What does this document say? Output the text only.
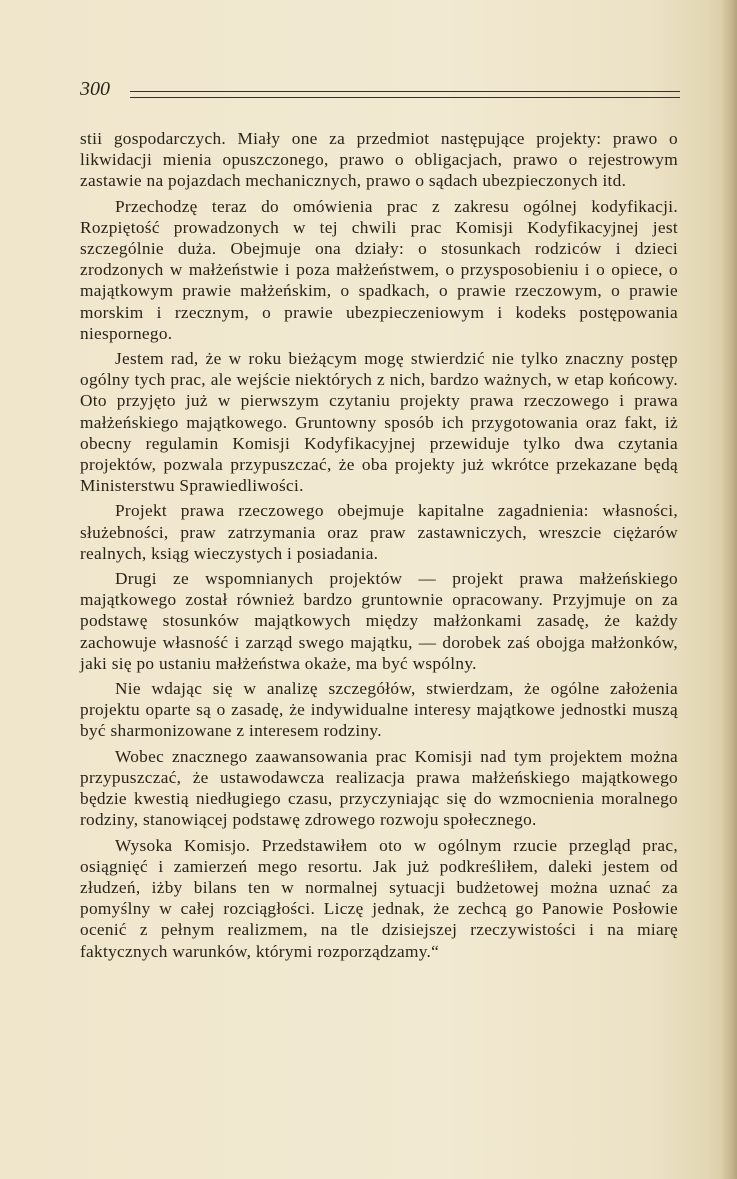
300

stii gospodarczych. Miały one za przedmiot następujące projekty: prawo o likwidacji mienia opuszczonego, prawo o obligacjach, prawo o rejestrowym zastawie na pojazdach mechanicznych, prawo o sądach ubezpieczonych itd.

Przechodzę teraz do omówienia prac z zakresu ogólnej kodyfikacji. Rozpiętość prowadzonych w tej chwili prac Komisji Kodyfikacyjnej jest szczególnie duża. Obejmuje ona działy: o stosunkach rodziców i dzieci zrodzonych w małżeństwie i poza małżeństwem, o przysposobieniu i o opiece, o majątkowym prawie małżeńskim, o spadkach, o prawie rzeczowym, o prawie morskim i rzecznym, o prawie ubezpieczeniowym i kodeks postępowania niespornego.

Jestem rad, że w roku bieżącym mogę stwierdzić nie tylko znaczny postęp ogólny tych prac, ale wejście niektórych z nich, bardzo ważnych, w etap końcowy. Oto przyjęto już w pierwszym czytaniu projekty prawa rzeczowego i prawa małżeńskiego majątkowego. Gruntowny sposób ich przygotowania oraz fakt, iż obecny regulamin Komisji Kodyfikacyjnej przewiduje tylko dwa czytania projektów, pozwala przypuszczać, że oba projekty już wkrótce przekazane będą Ministerstwu Sprawiedliwości.

Projekt prawa rzeczowego obejmuje kapitalne zagadnienia: własności, służebności, praw zatrzymania oraz praw zastawniczych, wreszcie ciężarów realnych, ksiąg wieczystych i posiadania.

Drugi ze wspomnianych projektów — projekt prawa małżeńskiego majątkowego został również bardzo gruntownie opracowany. Przyjmuje on za podstawę stosunków majątkowych między małżonkami zasadę, że każdy zachowuje własność i zarząd swego majątku, — dorobek zaś obojga małżonków, jaki się po ustaniu małżeństwa okaże, ma być wspólny.

Nie wdając się w analizę szczegółów, stwierdzam, że ogólne założenia projektu oparte są o zasadę, że indywidualne interesy majątkowe jednostki muszą być sharmonizowane z interesem rodziny.

Wobec znacznego zaawansowania prac Komisji nad tym projektem można przypuszczać, że ustawodawcza realizacja prawa małżeńskiego majątkowego będzie kwestią niedługiego czasu, przyczyniając się do wzmocnienia moralnego rodziny, stanowiącej podstawę zdrowego rozwoju społecznego.

Wysoka Komisjo. Przedstawiłem oto w ogólnym rzucie przegląd prac, osiągnięć i zamierzeń mego resortu. Jak już podkreśliłem, daleki jestem od złudzeń, iżby bilans ten w normalnej sytuacji budżetowej można uznać za pomyślny w całej rozciągłości. Liczę jednak, że zechcą go Panowie Posłowie ocenić z pełnym realizmem, na tle dzisiejszej rzeczywistości i na miarę faktycznych warunków, którymi rozporządzamy.“
